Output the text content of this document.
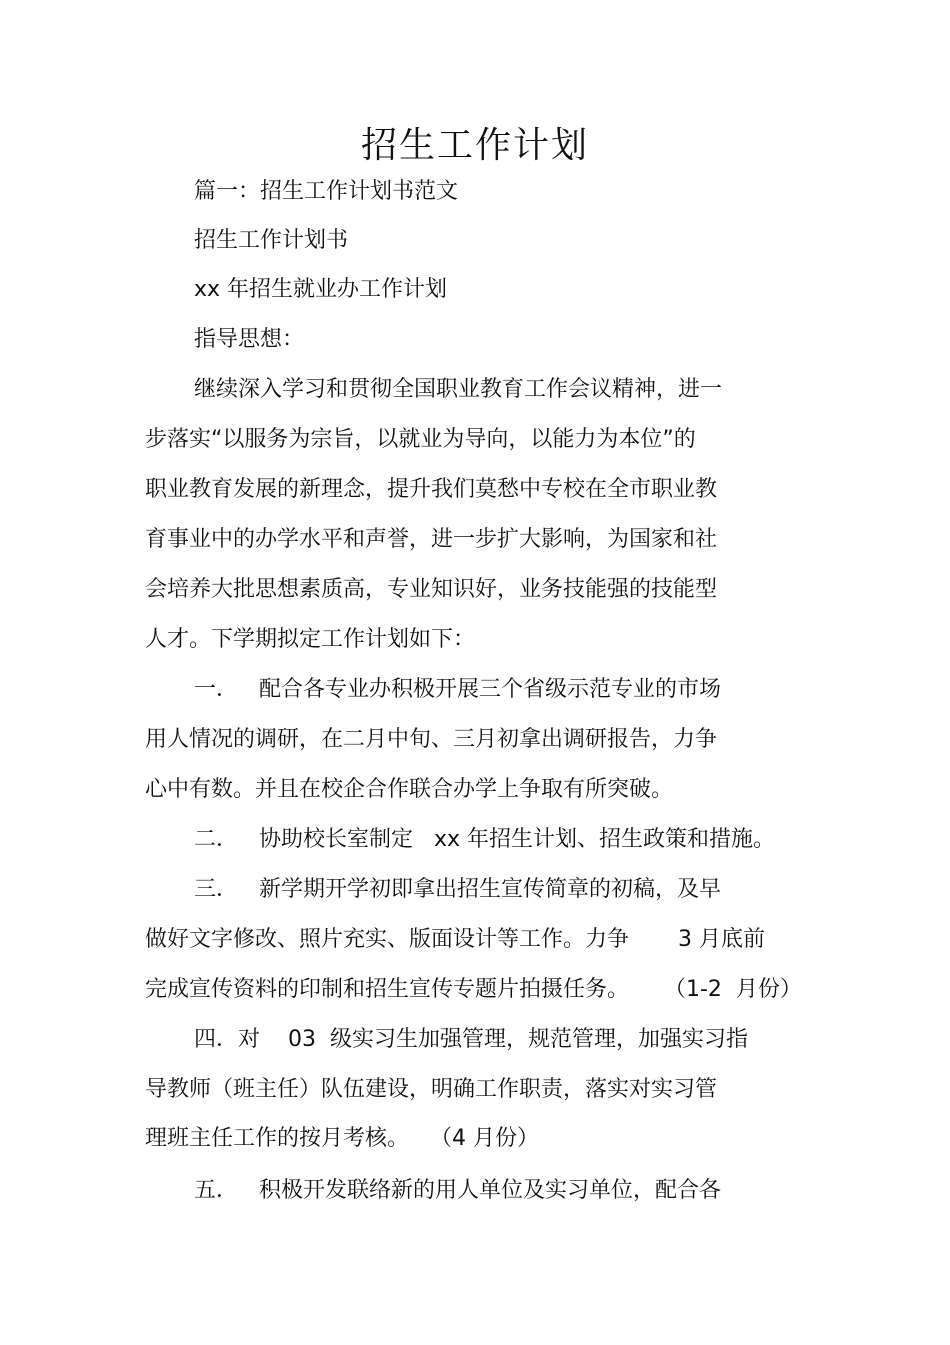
招生工作计划
篇一：招生工作计划书范文
招生工作计划书
xx 年招生就业办工作计划
指导思想：
继续深入学习和贯彻全国职业教育工作会议精神，进一
步落实“以服务为宗旨，以就业为导向，以能力为本位”的
职业教育发展的新理念，提升我们莫愁中专校在全市职业教
育事业中的办学水平和声誉，进一步扩大影响，为国家和社
会培养大批思想素质高，专业知识好，业务技能强的技能型
人才。下学期拟定工作计划如下：
一．   配合各专业办积极开展三个省级示范专业的市场
用人情况的调研，在二月中旬、三月初拿出调研报告，力争
心中有数。并且在校企合作联合办学上争取有所突破。
二．   协助校长室制定   xx 年招生计划、招生政策和措施。
三．   新学期开学初即拿出招生宣传简章的初稿，及早
做好文字修改、照片充实、版面设计等工作。力争       3 月底前
完成宣传资料的印制和招生宣传专题片拍摄任务。     （1-2  月份）
四．对    03  级实习生加强管理，规范管理，加强实习指
导教师（班主任）队伍建设，明确工作职责，落实对实习管
理班主任工作的按月考核。   （4 月份）
五．   积极开发联络新的用人单位及实习单位，配合各
